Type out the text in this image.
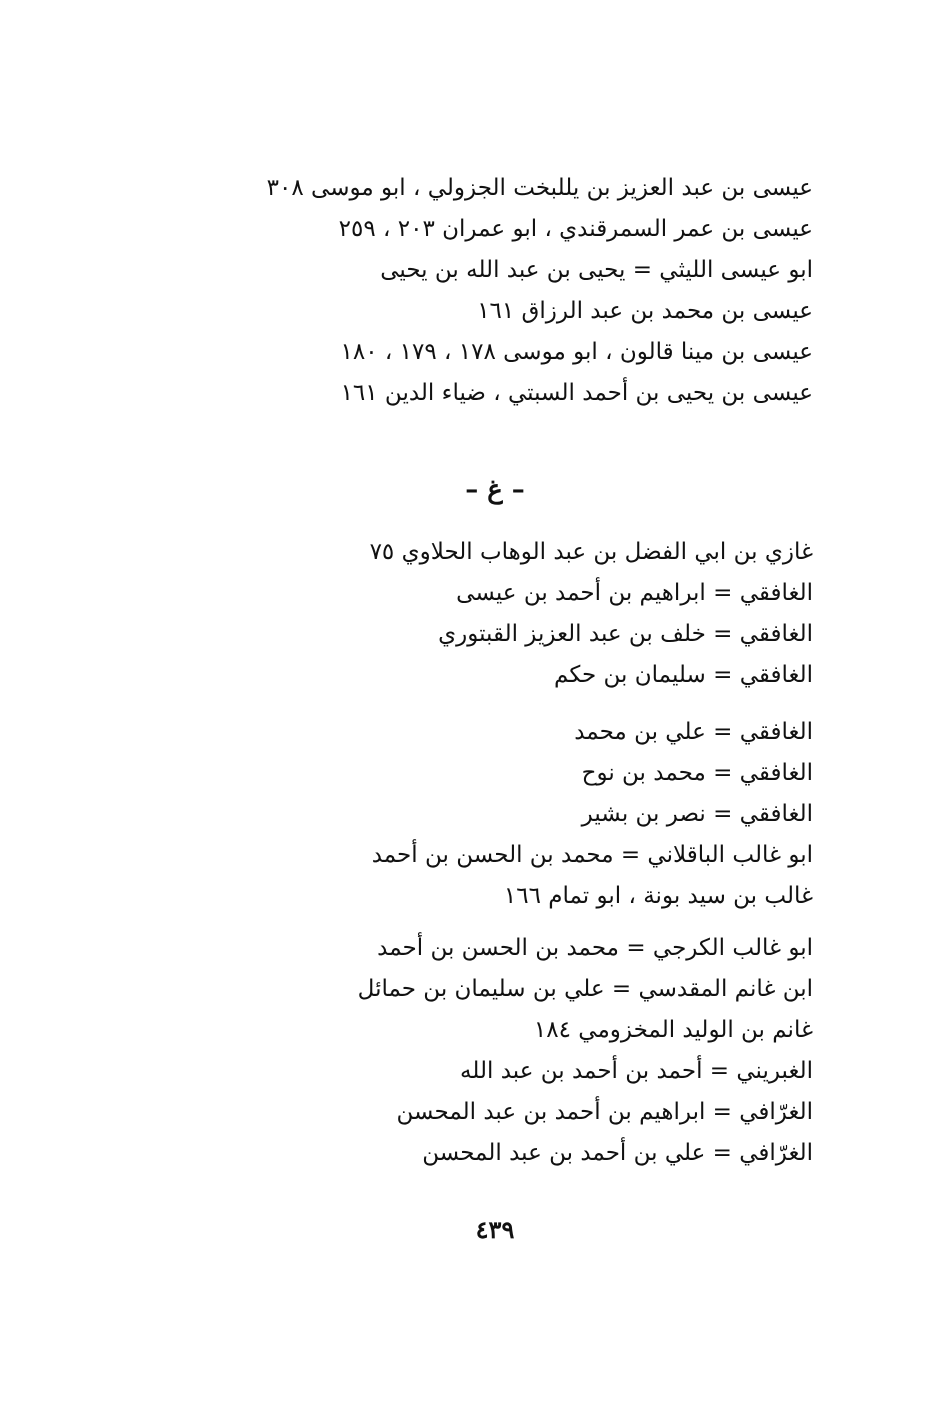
عيسى بن عبد العزيز بن يللبخت الجزولي ، ابو موسى ٣٠٨
عيسى بن عمر السمرقندي ، ابو عمران ٢٠٣ ، ٢٥٩
ابو عيسى الليثي = يحيى بن عبد الله بن يحيى
عيسى بن محمد بن عبد الرزاق ١٦١
عيسى بن مينا قالون ، ابو موسى ١٧٨ ، ١٧٩ ، ١٨٠
عيسى بن يحيى بن أحمد السبتي ، ضياء الدين ١٦١
– غ –
غازي بن ابي الفضل بن عبد الوهاب الحلاوي ٧٥
الغافقي = ابراهيم بن أحمد بن عيسى
الغافقي = خلف بن عبد العزيز القبتوري
الغافقي = سليمان بن حكم
الغافقي = علي بن محمد
الغافقي = محمد بن نوح
الغافقي = نصر بن بشير
ابو غالب الباقلاني = محمد بن الحسن بن أحمد
غالب بن سيد بونة ، ابو تمام ١٦٦
ابو غالب الكرجي = محمد بن الحسن بن أحمد
ابن غانم المقدسي = علي بن سليمان بن حمائل
غانم بن الوليد المخزومي ١٨٤
الغبريني = أحمد بن أحمد بن عبد الله
الغرّافي = ابراهيم بن أحمد بن عبد المحسن
الغرّافي = علي بن أحمد بن عبد المحسن
٤٣٩
